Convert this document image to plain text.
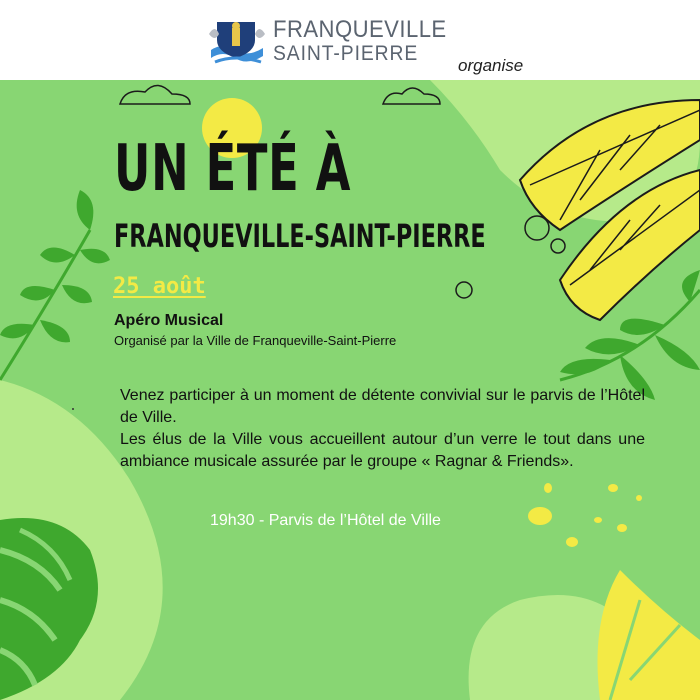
FRANQUEVILLE
SAINT-PIERRE
organise
UN ÉTÉ À
FRANQUEVILLE-SAINT-PIERRE
25 août
Apéro Musical
Organisé par la Ville de Franqueville-Saint-Pierre

Venez participer à un moment de détente convivial sur le parvis de l’Hôtel de Ville.

Les élus de la Ville vous accueillent autour d’un verre le tout dans une ambiance musicale assurée par le groupe « Ragnar & Friends».

19h30 - Parvis de l’Hôtel de Ville
